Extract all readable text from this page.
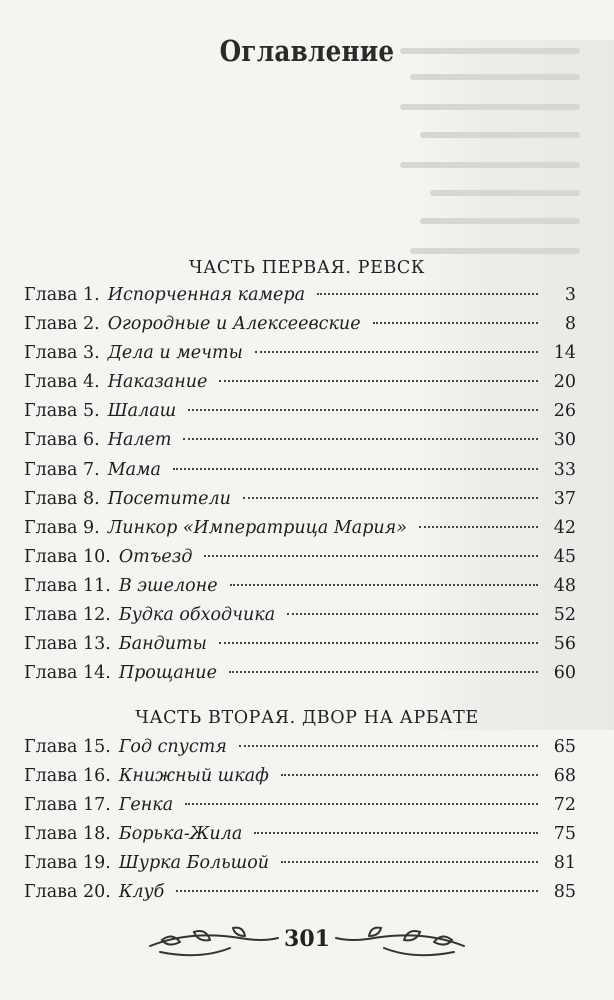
Оглавление
ЧАСТЬ ПЕРВАЯ. РЕВСК
Глава 1. Испорченная камера	3
Глава 2. Огородные и Алексеевские	8
Глава 3. Дела и мечты	14
Глава 4. Наказание	20
Глава 5. Шалаш	26
Глава 6. Налет	30
Глава 7. Мама	33
Глава 8. Посетители	37
Глава 9. Линкор «Императрица Мария»	42
Глава 10. Отъезд	45
Глава 11. В эшелоне	48
Глава 12. Будка обходчика	52
Глава 13. Бандиты	56
Глава 14. Прощание	60
ЧАСТЬ ВТОРАЯ. ДВОР НА АРБАТЕ
Глава 15. Год спустя	65
Глава 16. Книжный шкаф	68
Глава 17. Генка	72
Глава 18. Борька-Жила	75
Глава 19. Шурка Большой	81
Глава 20. Клуб	85
301
